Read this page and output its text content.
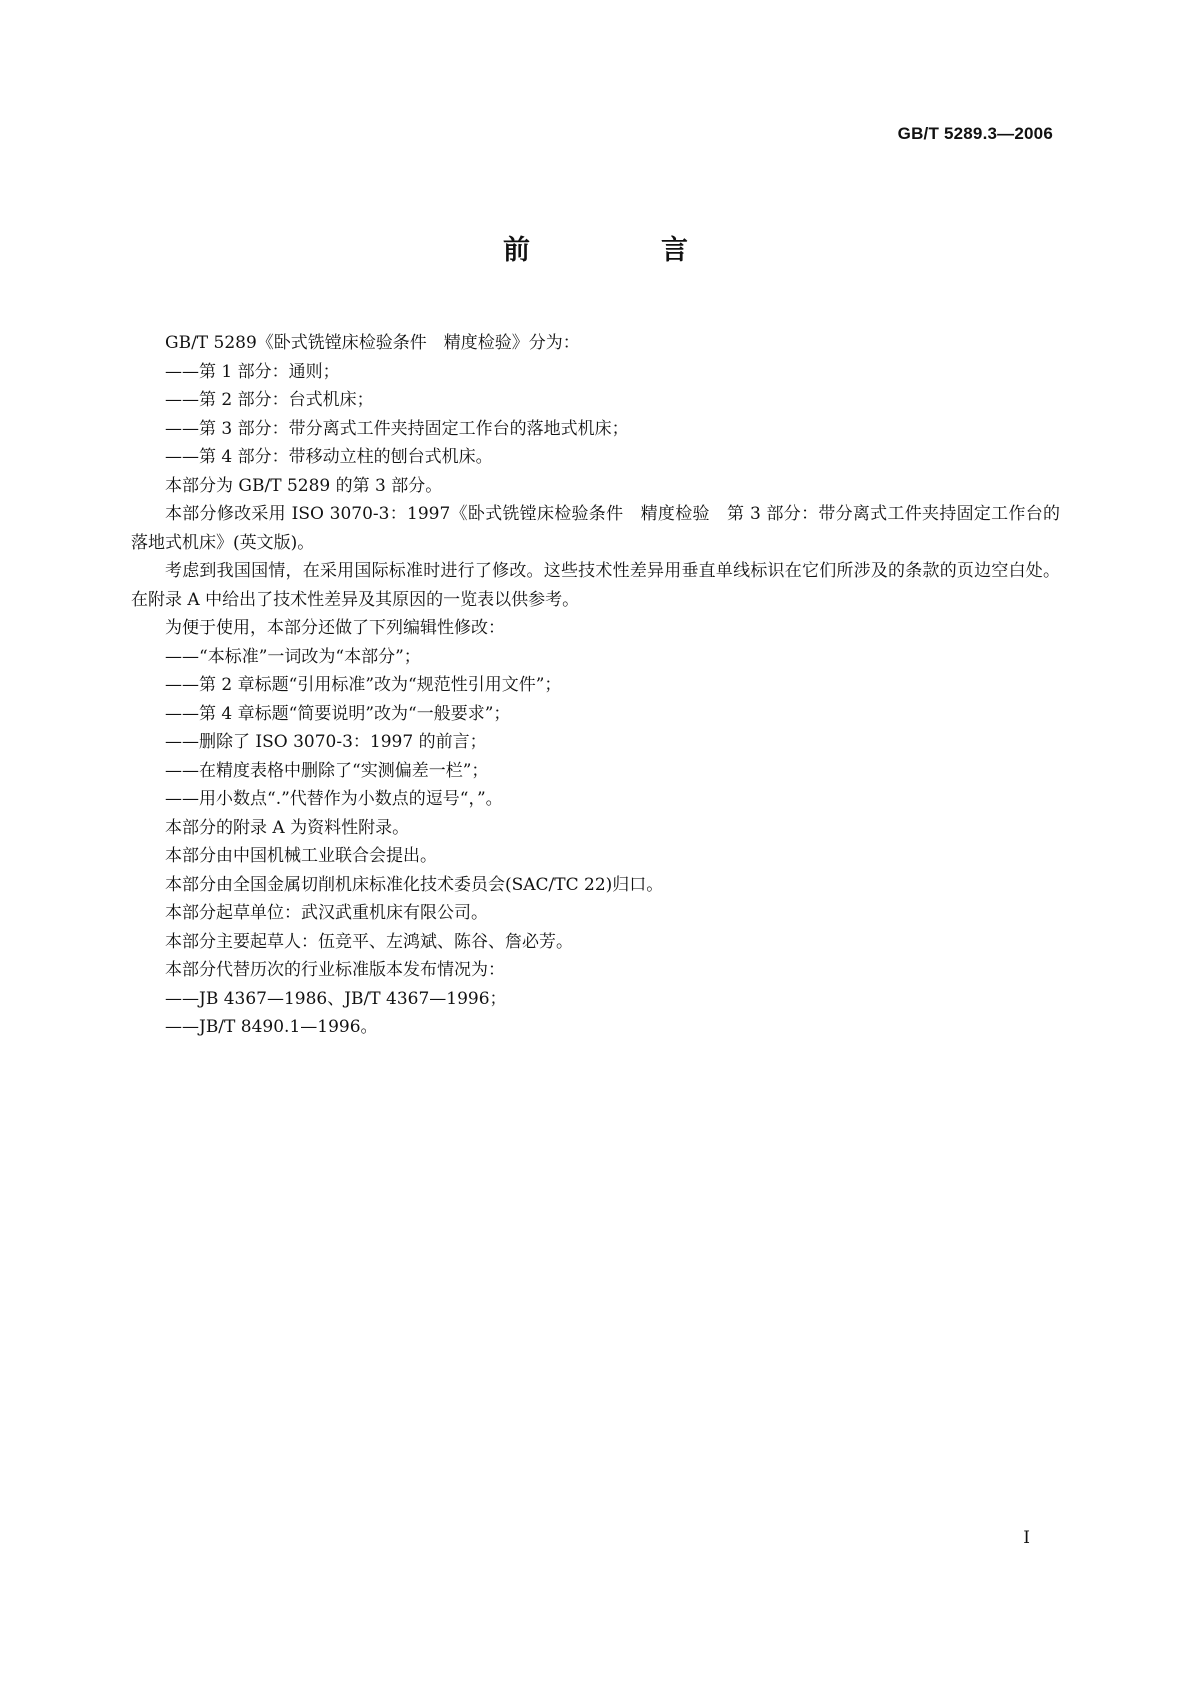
GB/T 5289.3—2006
前　言

GB/T 5289《卧式铣镗床检验条件　精度检验》分为：

——第 1 部分：通则；

——第 2 部分：台式机床；

——第 3 部分：带分离式工件夹持固定工作台的落地式机床；

——第 4 部分：带移动立柱的刨台式机床。

本部分为 GB/T 5289 的第 3 部分。

本部分修改采用 ISO 3070-3：1997《卧式铣镗床检验条件　精度检验　第 3 部分：带分离式工件夹持固定工作台的落地式机床》(英文版)。

考虑到我国国情，在采用国际标准时进行了修改。这些技术性差异用垂直单线标识在它们所涉及的条款的页边空白处。在附录 A 中给出了技术性差异及其原因的一览表以供参考。

为便于使用，本部分还做了下列编辑性修改：

——“本标准”一词改为“本部分”；

——第 2 章标题“引用标准”改为“规范性引用文件”；

——第 4 章标题“简要说明”改为“一般要求”；

——删除了 ISO 3070-3：1997 的前言；

——在精度表格中删除了“实测偏差一栏”；

——用小数点“.”代替作为小数点的逗号“，”。

本部分的附录 A 为资料性附录。

本部分由中国机械工业联合会提出。

本部分由全国金属切削机床标准化技术委员会(SAC/TC 22)归口。

本部分起草单位：武汉武重机床有限公司。

本部分主要起草人：伍竞平、左鸿斌、陈谷、詹必芳。

本部分代替历次的行业标准版本发布情况为：

——JB 4367—1986、JB/T 4367—1996；

——JB/T 8490.1—1996。

I
